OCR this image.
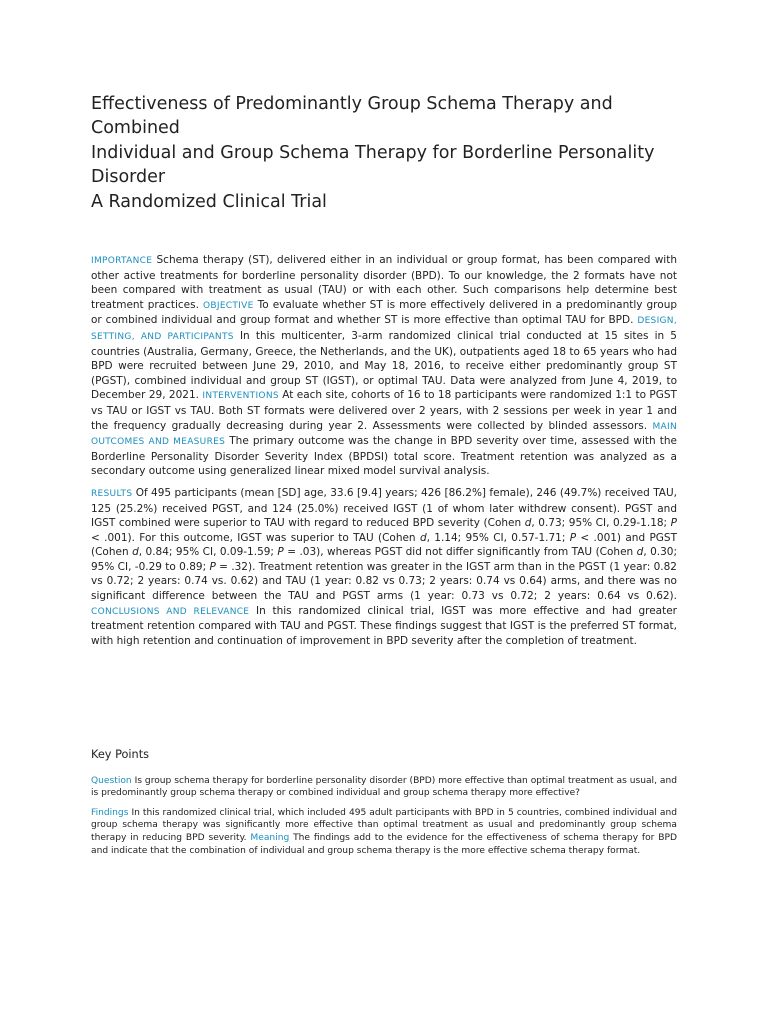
Effectiveness of Predominantly Group Schema Therapy and Combined
Individual and Group Schema Therapy for Borderline Personality Disorder
A Randomized Clinical Trial

IMPORTANCE Schema therapy (ST), delivered either in an individual or group format, has been compared with other active treatments for borderline personality disorder (BPD). To our knowledge, the 2 formats have not been compared with treatment as usual (TAU) or with each other. Such comparisons help determine best treatment practices. OBJECTIVE To evaluate whether ST is more effectively delivered in a predominantly group or combined individual and group format and whether ST is more effective than optimal TAU for BPD. DESIGN, SETTING, AND PARTICIPANTS In this multicenter, 3-arm randomized clinical trial conducted at 15 sites in 5 countries (Australia, Germany, Greece, the Netherlands, and the UK), outpatients aged 18 to 65 years who had BPD were recruited between June 29, 2010, and May 18, 2016, to receive either predominantly group ST (PGST), combined individual and group ST (IGST), or optimal TAU. Data were analyzed from June 4, 2019, to December 29, 2021. INTERVENTIONS At each site, cohorts of 16 to 18 participants were randomized 1:1 to PGST vs TAU or IGST vs TAU. Both ST formats were delivered over 2 years, with 2 sessions per week in year 1 and the frequency gradually decreasing during year 2. Assessments were collected by blinded assessors. MAIN OUTCOMES AND MEASURES The primary outcome was the change in BPD severity over time, assessed with the Borderline Personality Disorder Severity Index (BPDSI) total score. Treatment retention was analyzed as a secondary outcome using generalized linear mixed model survival analysis.

RESULTS Of 495 participants (mean [SD] age, 33.6 [9.4] years; 426 [86.2%] female), 246 (49.7%) received TAU, 125 (25.2%) received PGST, and 124 (25.0%) received IGST (1 of whom later withdrew consent). PGST and IGST combined were superior to TAU with regard to reduced BPD severity (Cohen d, 0.73; 95% CI, 0.29-1.18; P < .001). For this outcome, IGST was superior to TAU (Cohen d, 1.14; 95% CI, 0.57-1.71; P < .001) and PGST (Cohen d, 0.84; 95% CI, 0.09-1.59; P = .03), whereas PGST did not differ significantly from TAU (Cohen d, 0.30; 95% CI, -0.29 to 0.89; P = .32). Treatment retention was greater in the IGST arm than in the PGST (1 year: 0.82 vs 0.72; 2 years: 0.74 vs. 0.62) and TAU (1 year: 0.82 vs 0.73; 2 years: 0.74 vs 0.64) arms, and there was no significant difference between the TAU and PGST arms (1 year: 0.73 vs 0.72; 2 years: 0.64 vs 0.62). CONCLUSIONS AND RELEVANCE In this randomized clinical trial, IGST was more effective and had greater treatment retention compared with TAU and PGST. These findings suggest that IGST is the preferred ST format, with high retention and continuation of improvement in BPD severity after the completion of treatment.

Key Points

Question Is group schema therapy for borderline personality disorder (BPD) more effective than optimal treatment as usual, and is predominantly group schema therapy or combined individual and group schema therapy more effective?

Findings In this randomized clinical trial, which included 495 adult participants with BPD in 5 countries, combined individual and group schema therapy was significantly more effective than optimal treatment as usual and predominantly group schema therapy in reducing BPD severity. Meaning The findings add to the evidence for the effectiveness of schema therapy for BPD and indicate that the combination of individual and group schema therapy is the more effective schema therapy format.
